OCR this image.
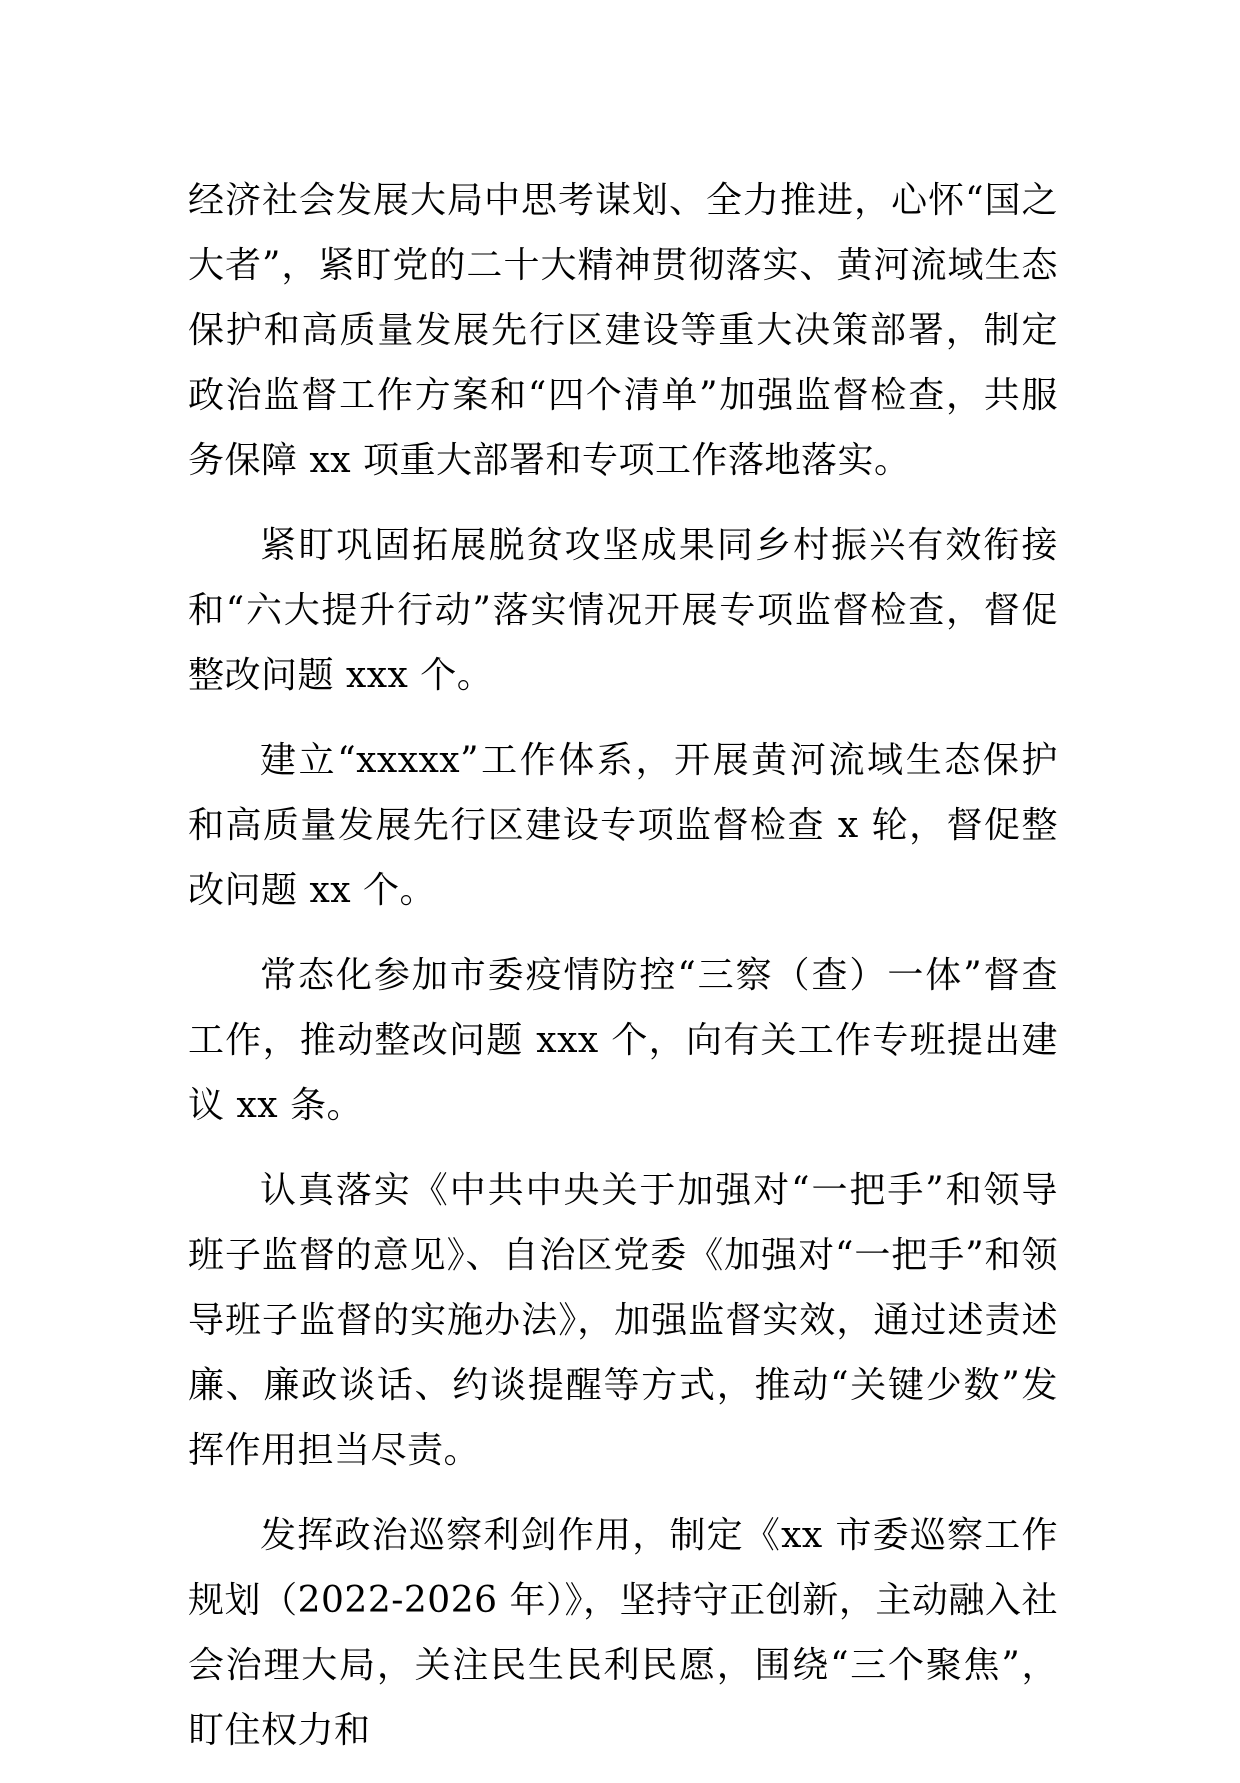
经济社会发展大局中思考谋划、全力推进，心怀“国之大者”，紧盯党的二十大精神贯彻落实、黄河流域生态保护和高质量发展先行区建设等重大决策部署，制定政治监督工作方案和“四个清单”加强监督检查，共服务保障 xx 项重大部署和专项工作落地落实。

紧盯巩固拓展脱贫攻坚成果同乡村振兴有效衔接和“六大提升行动”落实情况开展专项监督检查，督促整改问题 xxx 个。

建立“xxxxx”工作体系，开展黄河流域生态保护和高质量发展先行区建设专项监督检查 x 轮，督促整改问题 xx 个。

常态化参加市委疫情防控“三察（查）一体”督查工作，推动整改问题 xxx 个，向有关工作专班提出建议 xx 条。

认真落实《中共中央关于加强对“一把手”和领导班子监督的意见》、自治区党委《加强对“一把手”和领导班子监督的实施办法》，加强监督实效，通过述责述廉、廉政谈话、约谈提醒等方式，推动“关键少数”发挥作用担当尽责。

发挥政治巡察利剑作用，制定《xx 市委巡察工作规划（2022-2026 年）》，坚持守正创新，主动融入社会治理大局，关注民生民利民愿，围绕“三个聚焦”，盯住权力和
